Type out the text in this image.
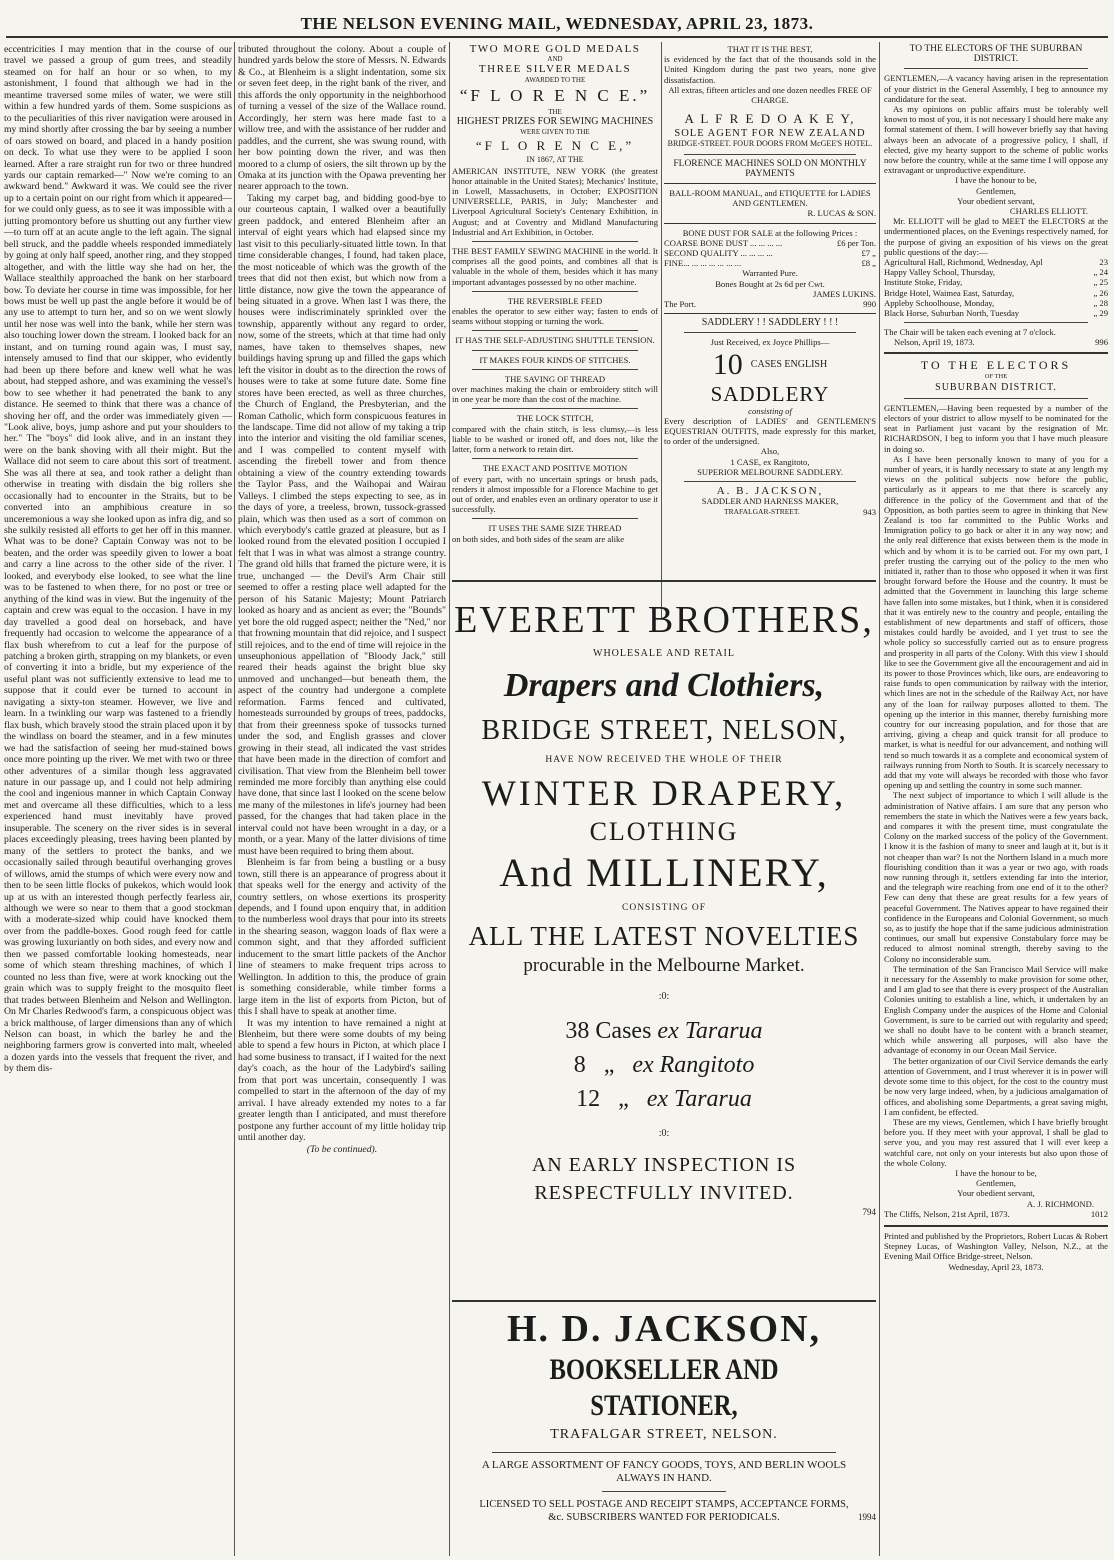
THE NELSON EVENING MAIL, WEDNESDAY, APRIL 23, 1873.

eccentricities I may mention that in the course of our travel we passed a group of gum trees, and steadily steamed on for half an hour or so when, to my astonishment, I found that although we had in the meantime traversed some miles of water, we were still within a few hundred yards of them. Some suspicions as to the peculiarities of this river navigation were aroused in my mind shortly after crossing the bar by seeing a number of oars stowed on board, and placed in a handy position on deck. To what use they were to be applied I soon learned. After a rare straight run for two or three hundred yards our captain remarked—" Now we're coming to an awkward bend." Awkward it was. We could see the river up to a certain point on our right from which it appeared—for we could only guess, as to see it was impossible with a jutting promontory before us shutting out any further view—to turn off at an acute angle to the left again. The signal bell struck, and the paddle wheels responded immediately by going at only half speed, another ring, and they stopped altogether, and with the little way she had on her, the Wallace stealthily approached the bank on her starboard bow. To deviate her course in time was impossible, for her bows must be well up past the angle before it would be of any use to attempt to turn her, and so on we went slowly until her nose was well into the bank, while her stern was also touching lower down the stream. I looked back for an instant, and on turning round again was, I must say, intensely amused to find that our skipper, who evidently had been up there before and knew well what he was about, had stepped ashore, and was examining the vessel's bow to see whether it had penetrated the bank to any distance. He seemed to think that there was a chance of shoving her off, and the order was immediately given — "Look alive, boys, jump ashore and put your shoulders to her." The "boys" did look alive, and in an instant they were on the bank shoving with all their might. But the Wallace did not seem to care about this sort of treatment. She was all there at sea, and took rather a delight than otherwise in treating with disdain the big rollers she occasionally had to encounter in the Straits, but to be converted into an amphibious creature in so unceremonious a way she looked upon as infra dig, and so she sulkily resisted all efforts to get her off in this manner. What was to be done? Captain Conway was not to be beaten, and the order was speedily given to lower a boat and carry a line across to the other side of the river. I looked, and everybody else looked, to see what the line was to be fastened to when there, for no post or tree or anything of the kind was in view. But the ingenuity of the captain and crew was equal to the occasion. I have in my day travelled a good deal on horseback, and have frequently had occasion to welcome the appearance of a flax bush wherefrom to cut a leaf for the purpose of patching a broken girth, strapping on my blankets, or even of converting it into a bridle, but my experience of the useful plant was not sufficiently extensive to lead me to suppose that it could ever be turned to account in navigating a sixty-ton steamer. However, we live and learn. In a twinkling our warp was fastened to a friendly flax bush, which bravely stood the strain placed upon it by the windlass on board the steamer, and in a few minutes we had the satisfaction of seeing her mud-stained bows once more pointing up the river. We met with two or three other adventures of a similar though less aggravated nature in our passage up, and I could not help admiring the cool and ingenious manner in which Captain Conway met and overcame all these difficulties, which to a less experienced hand must inevitably have proved insuperable. The scenery on the river sides is in several places exceedingly pleasing, trees having been planted by many of the settlers to protect the banks, and we occasionally sailed through beautiful overhanging groves of willows, amid the stumps of which were every now and then to be seen little flocks of pukekos, which would look up at us with an interested though perfectly fearless air, although we were so near to them that a good stockman with a moderate-sized whip could have knocked them over from the paddle-boxes. Good rough feed for cattle was growing luxuriantly on both sides, and every now and then we passed comfortable looking homesteads, near some of which steam threshing machines, of which I counted no less than five, were at work knocking out the grain which was to supply freight to the mosquito fleet that trades between Blenheim and Nelson and Wellington. On Mr Charles Redwood's farm, a conspicuous object was a brick malthouse, of larger dimensions than any of which Nelson can boast, in which the barley he and the neighboring farmers grow is converted into malt, wheeled a dozen yards into the vessels that frequent the river, and by them dis-

tributed throughout the colony. About a couple of hundred yards below the store of Messrs. N. Edwards & Co., at Blenheim is a slight indentation, some six or seven feet deep, in the right bank of the river, and this affords the only opportunity in the neighborhood of turning a vessel of the size of the Wallace round. Accordingly, her stern was here made fast to a willow tree, and with the assistance of her rudder and paddles, and the current, she was swung round, with her bow pointing down the river, and was then moored to a clump of osiers, the silt thrown up by the Omaka at its junction with the Opawa preventing her nearer approach to the town.

Taking my carpet bag, and bidding good-bye to our courteous captain, I walked over a beautifully green paddock, and entered Blenheim after an interval of eight years which had elapsed since my last visit to this peculiarly-situated little town. In that time considerable changes, I found, had taken place, the most noticeable of which was the growth of the trees that did not then exist, but which now from a little distance, now give the town the appearance of being situated in a grove. When last I was there, the houses were indiscriminately sprinkled over the township, apparently without any regard to order, now, some of the streets, which at that time had only names, have taken to themselves shapes, new buildings having sprung up and filled the gaps which left the visitor in doubt as to the direction the rows of houses were to take at some future date. Some fine stores have been erected, as well as three churches, the Church of England, the Presbyterian, and the Roman Catholic, which form conspicuous features in the landscape. Time did not allow of my taking a trip into the interior and visiting the old familiar scenes, and I was compelled to content myself with ascending the firebell tower and from thence obtaining a view of the country extending towards the Taylor Pass, and the Waihopai and Wairau Valleys. I climbed the steps expecting to see, as in the days of yore, a treeless, brown, tussock-grassed plain, which was then used as a sort of common on which everybody's cattle grazed at pleasure, but as I looked round from the elevated position I occupied I felt that I was in what was almost a strange country. The grand old hills that framed the picture were, it is true, unchanged — the Devil's Arm Chair still seemed to offer a resting place well adapted for the person of his Satanic Majesty; Mount Patriarch looked as hoary and as ancient as ever; the "Bounds" yet bore the old rugged aspect; neither the "Ned," nor that frowning mountain that did rejoice, and I suspect still rejoices, and to the end of time will rejoice in the unseuphonious appellation of "Bloody Jack," still reared their heads against the bright blue sky unmoved and unchanged—but beneath them, the aspect of the country had undergone a complete reformation. Farms fenced and cultivated, homesteads surrounded by groups of trees, paddocks, that from their greenness spoke of tussocks turned under the sod, and English grasses and clover growing in their stead, all indicated the vast strides that have been made in the direction of comfort and civilisation. That view from the Blenheim bell tower reminded me more forcibly than anything else could have done, that since last I looked on the scene below me many of the milestones in life's journey had been passed, for the changes that had taken place in the interval could not have been wrought in a day, or a month, or a year. Many of the latter divisions of time must have been required to bring them about.

Blenheim is far from being a bustling or a busy town, still there is an appearance of progress about it that speaks well for the energy and activity of the country settlers, on whose exertions its prosperity depends, and I found upon enquiry that, in addition to the numberless wool drays that pour into its streets in the shearing season, waggon loads of flax were a common sight, and that they afforded sufficient inducement to the smart little packets of the Anchor line of steamers to make frequent trips across to Wellington. In addition to this, the produce of grain is something considerable, while timber forms a large item in the list of exports from Picton, but of this I shall have to speak at another time.

It was my intention to have remained a night at Blenheim, but there were some doubts of my being able to spend a few hours in Picton, at which place I had some business to transact, if I waited for the next day's coach, as the hour of the Ladybird's sailing from that port was uncertain, consequently I was compelled to start in the afternoon of the day of my arrival. I have already extended my notes to a far greater length than I anticipated, and must therefore postpone any further account of my little holiday trip until another day.

(To be continued).
TWO MORE GOLD MEDALS
AND
THREE SILVER MEDALS
AWARDED TO THE
“F L O R E N C E.”
THE
HIGHEST PRIZES FOR SEWING MACHINES
WERE GIVEN TO THE
“F L O R E N C E,”
IN 1867, AT THE
AMERICAN INSTITUTE, NEW YORK (the greatest honor attainable in the United States); Mechanics' Institute, in Lowell, Massachusetts, in October; EXPOSITION UNIVERSELLE, PARIS, in July; Manchester and Liverpool Agricultural Society's Centenary Exhibition, in August; and at Coventry and Midland Manufacturing Industrial and Art Exhibition, in October.
THE BEST FAMILY SEWING MACHINE in the world. It comprises all the good points, and combines all that is valuable in the whole of them, besides which it has many important advantages possessed by no other machine.
THE REVERSIBLE FEED
enables the operator to sew either way; fasten to ends of seams without stopping or turning the work.
IT HAS THE SELF-ADJUSTING SHUTTLE TENSION.
IT MAKES FOUR KINDS OF STITCHES.
THE SAVING OF THREAD
over machines making the chain or embroidery stitch will in one year be more than the cost of the machine.
THE LOCK STITCH,
compared with the chain stitch, is less clumsy,—is less liable to be washed or ironed off, and does not, like the latter, form a network to retain dirt.
THE EXACT AND POSITIVE MOTION
of every part, with no uncertain springs or brush pads, renders it almost impossible for a Florence Machine to get out of order, and enables even an ordinary operator to use it successfully.
IT USES THE SAME SIZE THREAD
on both sides, and both sides of the seam are alike
THAT IT IS THE BEST,
is evidenced by the fact that of the thousands sold in the United Kingdom during the past two years, none give dissatisfaction.
All extras, fifteen articles and one dozen needles FREE OF CHARGE.
A L F R E D O A K E Y,
SOLE AGENT FOR NEW ZEALAND
BRIDGE-STREET. FOUR DOORS FROM McGEE'S HOTEL.
FLORENCE MACHINES SOLD ON MONTHLY PAYMENTS
BALL-ROOM MANUAL, and ETIQUETTE for LADIES AND GENTLEMEN.
R. LUCAS & SON.
BONE DUST FOR SALE at the following Prices :
COARSE BONE DUST ... ... ... ...	£6 per Ton.
SECOND QUALITY ... ... ... ...	£7 „
FINE... ... ... ... ... ... ...	£8 „
Warranted Pure.
Bones Bought at 2s 6d per Cwt.
JAMES LUKINS.
The Port.	990
SADDLERY ! ! SADDLERY ! ! !
Just Received, ex Joyce Phillips—
10 CASES ENGLISH
SADDLERY
consisting of
Every description of LADIES' and GENTLEMEN'S EQUESTRIAN OUTFITS, made expressly for this market, to order of the undersigned.
Also,
1 CASE, ex Rangitoto,
SUPERIOR MELBOURNE SADDLERY.
A. B. JACKSON,
SADDLER AND HARNESS MAKER,
TRAFALGAR-STREET.	943
EVERETT BROTHERS,
WHOLESALE AND RETAIL
Drapers and Clothiers,
BRIDGE STREET, NELSON,
HAVE NOW RECEIVED THE WHOLE OF THEIR
WINTER DRAPERY,
CLOTHING
And MILLINERY,
CONSISTING OF
ALL THE LATEST NOVELTIES
procurable in the Melbourne Market.
:0:
38 Cases ex Tararua
8 „ ex Rangitoto
12 „ ex Tararua
:0:
AN EARLY INSPECTION IS RESPECTFULLY INVITED.
794
H. D. JACKSON,
BOOKSELLER AND STATIONER,
TRAFALGAR STREET, NELSON.
A LARGE ASSORTMENT OF FANCY GOODS, TOYS, AND BERLIN WOOLS ALWAYS IN HAND.
LICENSED TO SELL POSTAGE AND RECEIPT STAMPS, ACCEPTANCE FORMS, &c. SUBSCRIBERS WANTED FOR PERIODICALS.	1994
TO THE ELECTORS OF THE SUBURBAN
DISTRICT.

GENTLEMEN,—A vacancy having arisen in the representation of your district in the General Assembly, I beg to announce my candidature for the seat.

As my opinions on public affairs must be tolerably well known to most of you, it is not necessary I should here make any formal statement of them. I will however briefly say that having always been an advocate of a progressive policy, I shall, if elected, give my hearty support to the scheme of public works now before the country, while at the same time I will oppose any extravagant or unproductive expenditure.

I have the honour to be,
Gentlemen,
Your obedient servant,
CHARLES ELLIOTT.

Mr. ELLIOTT will be glad to MEET the ELECTORS at the undermentioned places, on the Evenings respectively named, for the purpose of giving an exposition of his views on the great public questions of the day:—

Agricultural Hall, Richmond, Wednesday, Apl	23
Happy Valley School, Thursday,	„ 24
Institute Stoke, Friday,	„ 25
Bridge Hotel, Waimea East, Saturday,	„ 26
Appleby Schoolhouse, Monday,	„ 28
Black Horse, Suburban North, Tuesday	„ 29
The Chair will be taken each evening at 7 o'clock.
Nelson, April 19, 1873.	996
TO THE ELECTORS
OF THE
SUBURBAN DISTRICT.

GENTLEMEN,—Having been requested by a number of the electors of your district to allow myself to be nominated for the seat in Parliament just vacant by the resignation of Mr. RICHARDSON, I beg to inform you that I have much pleasure in doing so.

As I have been personally known to many of you for a number of years, it is hardly necessary to state at any length my views on the political subjects now before the public, particularly as it appears to me that there is scarcely any difference in the policy of the Government and that of the Opposition, as both parties seem to agree in thinking that New Zealand is too far committed to the Public Works and Immigration policy to go back or alter it in any way now; and the only real difference that exists between them is the mode in which and by whom it is to be carried out. For my own part, I prefer trusting the carrying out of the policy to the men who initiated it, rather than to those who opposed it when it was first brought forward before the House and the country. It must be admitted that the Government in launching this large scheme have fallen into some mistakes, but I think, when it is considered that it was entirely new to the country and people, entailing the establishment of new departments and staff of officers, those mistakes could hardly be avoided, and I yet trust to see the whole policy so successfully carried out as to ensure progress and prosperity in all parts of the Colony. With this view I should like to see the Government give all the encouragement and aid in its power to those Provinces which, like ours, are endeavoring to raise funds to open communication by railway with the interior, which lines are not in the schedule of the Railway Act, nor have any of the loan for railway purposes allotted to them. The opening up the interior in this manner, thereby furnishing more country for our increasing population, and for those that are arriving, giving a cheap and quick transit for all produce to market, is what is needful for our advancement, and nothing will tend so much towards it as a complete and economical system of railways running from North to South. It is scarcely necessary to add that my vote will always be recorded with those who favor opening up and settling the country in some such manner.

The next subject of importance to which I will allude is the administration of Native affairs. I am sure that any person who remembers the state in which the Natives were a few years back, and compares it with the present time, must congratulate the Colony on the marked success of the policy of the Government. I know it is the fashion of many to sneer and laugh at it, but is it not cheaper than war? Is not the Northern Island in a much more flourishing condition than it was a year or two ago, with roads now running through it, settlers extending far into the interior, and the telegraph wire reaching from one end of it to the other? Few can deny that these are great results for a few years of peaceful Government. The Natives appear to have regained their confidence in the Europeans and Colonial Government, so much so, as to justify the hope that if the same judicious administration continues, our small but expensive Constabulary force may be reduced to almost nominal strength, thereby saving to the Colony no inconsiderable sum.

The termination of the San Francisco Mail Service will make it necessary for the Assembly to make provision for some other, and I am glad to see that there is every prospect of the Australian Colonies uniting to establish a line, which, it undertaken by an English Company under the auspices of the Home and Colonial Government, is sure to be carried out with regularity and speed; we shall no doubt have to be content with a branch steamer, which while answering all purposes, will also have the advantage of economy in our Ocean Mail Service.

The better organization of our Civil Service demands the early attention of Government, and I trust wherever it is in power will devote some time to this object, for the cost to the country must be now very large indeed, when, by a judicious amalgamation of offices, and abolishing some Departments, a great saving might, I am confident, be effected.

These are my views, Gentlemen, which I have briefly brought before you. If they meet with your approval, I shall be glad to serve you, and you may rest assured that I will ever keep a watchful care, not only on your interests but also upon those of the whole Colony.

I have the honour to be,
Gentlemen,
Your obedient servant,
A. J. RICHMOND.
The Cliffs, Nelson, 21st April, 1873.	1012
Printed and published by the Proprietors, Robert Lucas & Robert Stepney Lucas, of Washington Valley, Nelson, N.Z., at the Evening Mail Office Bridge-street, Nelson.
Wednesday, April 23, 1873.
